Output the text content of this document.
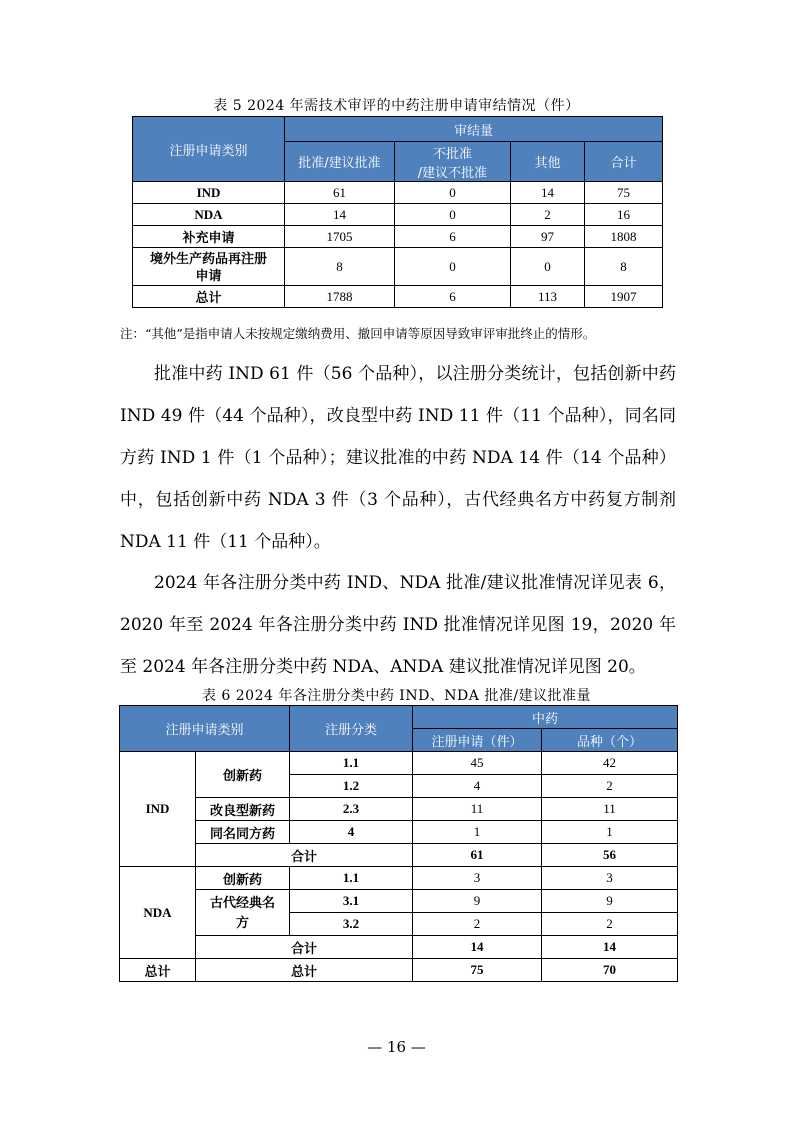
表 5 2024 年需技术审评的中药注册申请审结情况（件）
注册申请类别	审结量			
	批准/建议批准	不批准
/建议不批准	其他	合计
IND	61	0	14	75
NDA	14	0	2	16
补充申请	1705	6	97	1808
境外生产药品再注册
申请	8	0	0	8
总计	1788	6	113	1907
注：“其他”是指申请人未按规定缴纳费用、撤回申请等原因导致审评审批终止的情形。

批准中药 IND 61 件（56 个品种），以注册分类统计，包括创新中药 IND 49 件（44 个品种），改良型中药 IND 11 件（11 个品种），同名同方药 IND 1 件（1 个品种）；建议批准的中药 NDA 14 件（14 个品种）中，包括创新中药 NDA 3 件（3 个品种），古代经典名方中药复方制剂 NDA 11 件（11 个品种）。

2024 年各注册分类中药 IND、NDA 批准/建议批准情况详见表 6，2020 年至 2024 年各注册分类中药 IND 批准情况详见图 19，2020 年至 2024 年各注册分类中药 NDA、ANDA 建议批准情况详见图 20。

表 6 2024 年各注册分类中药 IND、NDA 批准/建议批准量
注册申请类别		注册分类	中药	
			注册申请（件）	品种（个）
IND	创新药	1.1	45	42
		1.2	4	2
	改良型新药	2.3	11	11
	同名同方药	4	1	1
	合计		61	56
NDA	创新药	1.1	3	3
	古代经典名
方	3.1	9	9
		3.2	2	2
	合计		14	14
总计	总计		75	70
— 16 —
